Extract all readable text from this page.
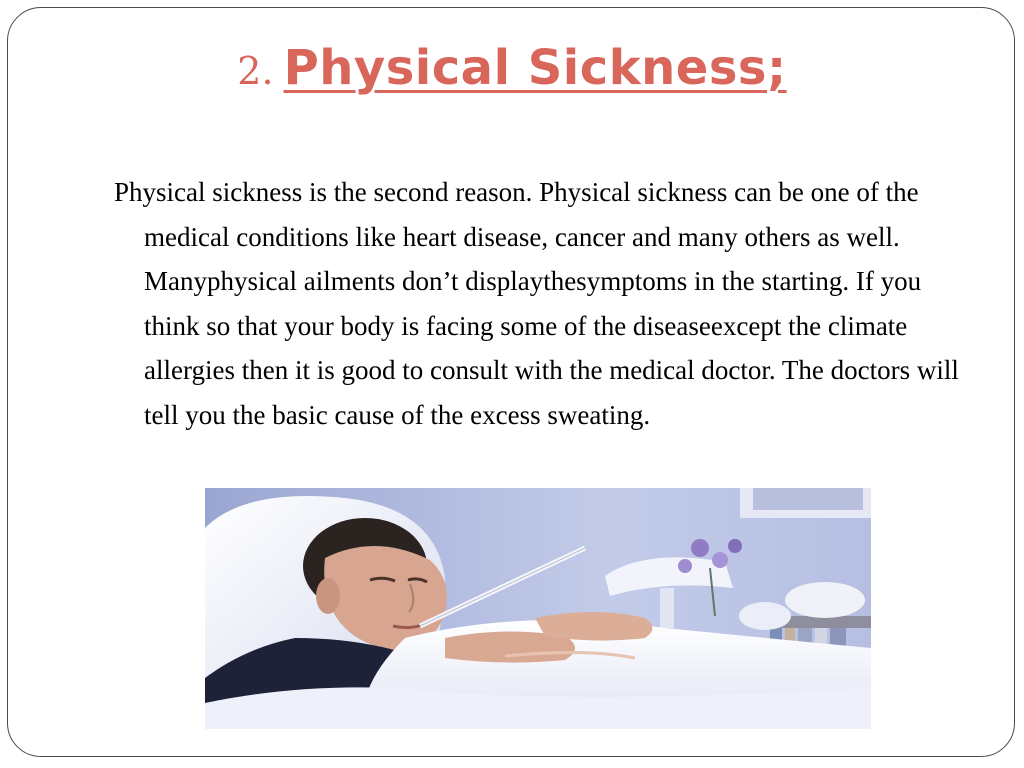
2. Physical Sickness;

Physical sickness is the second reason. Physical sickness can be one of the medical conditions like heart disease, cancer and many others as well. Manyphysical ailments don’t displaythesymptoms in the starting. If you think so that your body is facing some of the diseaseexcept the climate allergies then it is good to consult with the medical doctor. The doctors will tell you the basic cause of the excess sweating.
